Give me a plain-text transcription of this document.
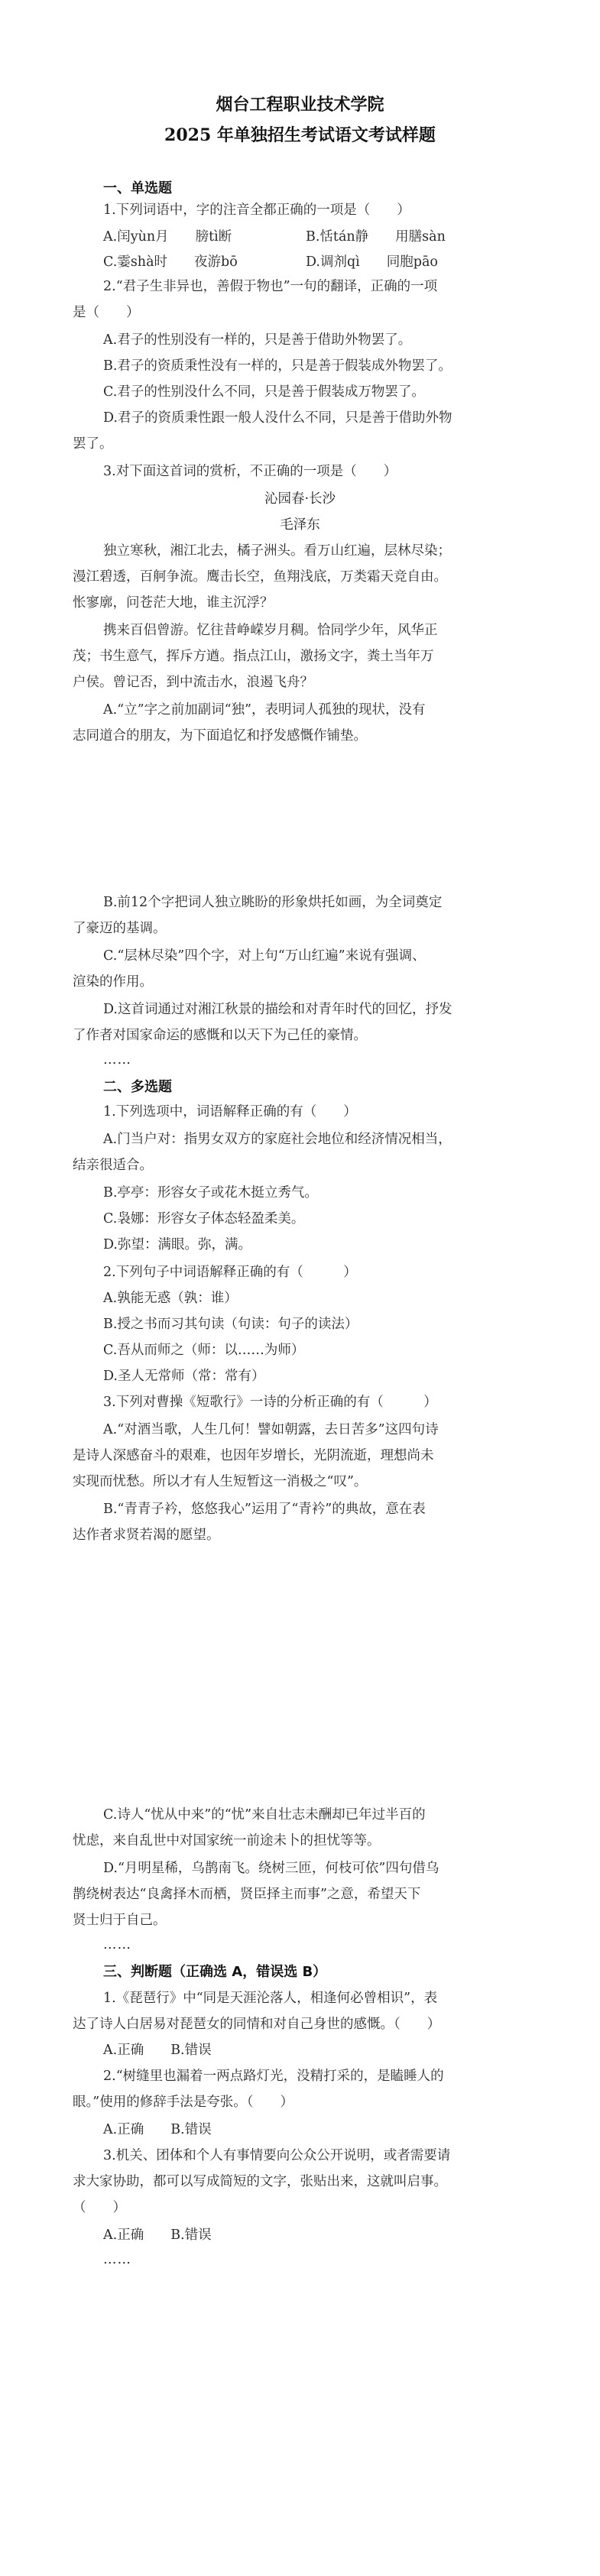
烟台工程职业技术学院
2025 年单独招生考试语文考试样题
一、单选题
1.下列词语中，字的注音全都正确的一项是（　　）
A.闰yùn月　　膀tì断	B.恬tán静　　用膳sàn
C.霎shà时　　夜游bō	D.调剂qì　　同胞pāo
2.“君子生非异也，善假于物也”一句的翻译，正确的一项
是（　　）
A.君子的性别没有一样的，只是善于借助外物罢了。
B.君子的资质秉性没有一样的，只是善于假装成外物罢了。
C.君子的性别没什么不同，只是善于假装成万物罢了。
D.君子的资质秉性跟一般人没什么不同，只是善于借助外物
罢了。
3.对下面这首词的赏析，不正确的一项是（　　）
沁园春·长沙
毛泽东
独立寒秋，湘江北去，橘子洲头。看万山红遍，层林尽染；
漫江碧透，百舸争流。鹰击长空，鱼翔浅底，万类霜天竞自由。
怅寥廓，问苍茫大地，谁主沉浮？
携来百侣曾游。忆往昔峥嵘岁月稠。恰同学少年，风华正
茂；书生意气，挥斥方遒。指点江山，激扬文字，粪土当年万
户侯。曾记否，到中流击水，浪遏飞舟？
A.“立”字之前加副词“独”，表明词人孤独的现状，没有
志同道合的朋友，为下面追忆和抒发感慨作铺垫。
B.前12个字把词人独立眺盼的形象烘托如画，为全词奠定
了豪迈的基调。
C.“层林尽染”四个字，对上句“万山红遍”来说有强调、
渲染的作用。
D.这首词通过对湘江秋景的描绘和对青年时代的回忆，抒发
了作者对国家命运的感慨和以天下为己任的豪情。
……
二、多选题
1.下列选项中，词语解释正确的有（　　）
A.门当户对：指男女双方的家庭社会地位和经济情况相当，
结亲很适合。
B.亭亭：形容女子或花木挺立秀气。
C.袅娜：形容女子体态轻盈柔美。
D.弥望：满眼。弥，满。
2.下列句子中词语解释正确的有（　　　）
A.孰能无惑（孰：谁）
B.授之书而习其句读（句读：句子的读法）
C.吾从而师之（师：以……为师）
D.圣人无常师（常：常有）
3.下列对曹操《短歌行》一诗的分析正确的有（　　　）
A.“对酒当歌，人生几何！譬如朝露，去日苦多”这四句诗
是诗人深感奋斗的艰难，也因年岁增长，光阴流逝，理想尚未
实现而忧愁。所以才有人生短暂这一消极之“叹”。
B.“青青子衿，悠悠我心”运用了“青衿”的典故，意在表
达作者求贤若渴的愿望。
C.诗人“忧从中来”的“忧”来自壮志未酬却已年过半百的
忧虑，来自乱世中对国家统一前途未卜的担忧等等。
D.“月明星稀，乌鹊南飞。绕树三匝，何枝可依”四句借乌
鹊绕树表达“良禽择木而栖，贤臣择主而事”之意，希望天下
贤士归于自己。
……
三、判断题（正确选 A，错误选 B）
1.《琵琶行》中“同是天涯沦落人，相逢何必曾相识”，表
达了诗人白居易对琵琶女的同情和对自己身世的感慨。（　　）
A.正确　　B.错误
2.“树缝里也漏着一两点路灯光，没精打采的，是瞌睡人的
眼。”使用的修辞手法是夸张。（　　）
A.正确　　B.错误
3.机关、团体和个人有事情要向公众公开说明，或者需要请
求大家协助，都可以写成简短的文字，张贴出来，这就叫启事。
（　　）
A.正确　　B.错误
……
